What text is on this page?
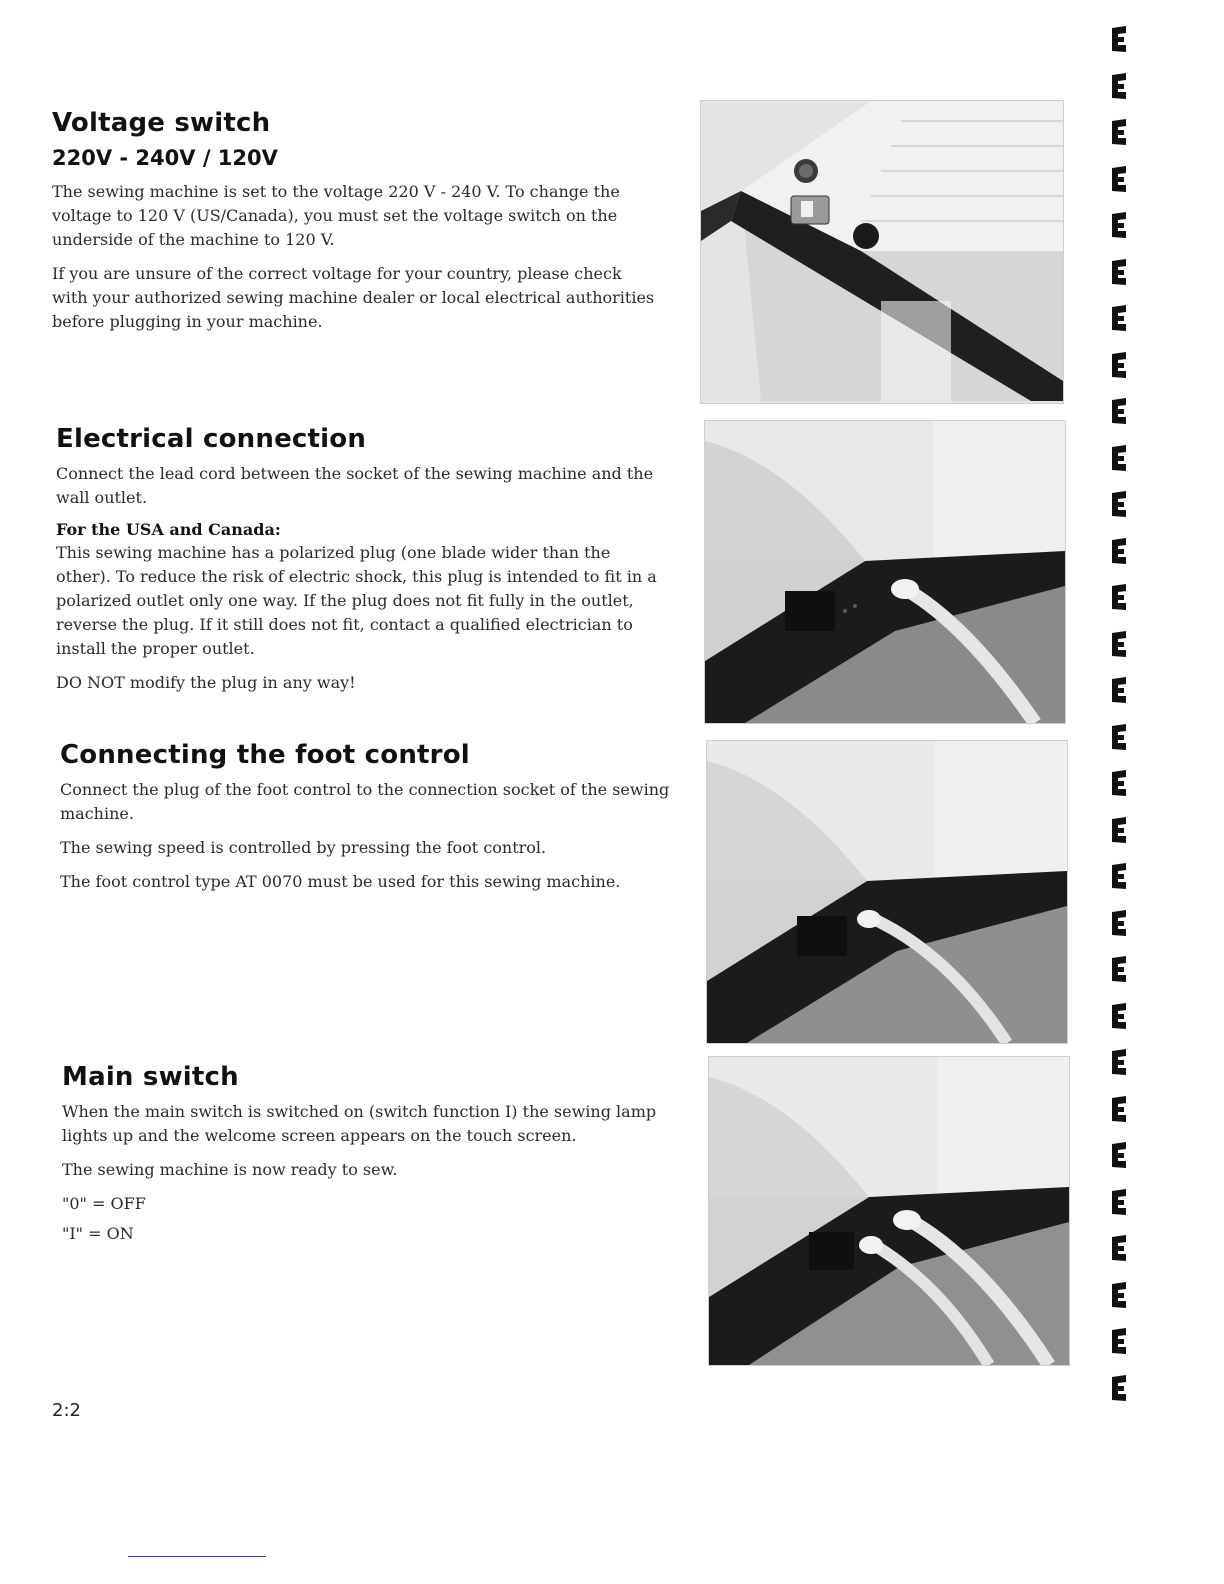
Voltage switch
220V - 240V / 120V

The sewing machine is set to the voltage 220 V - 240 V. To change the voltage to 120 V (US/Canada), you must set the voltage switch on the underside of the machine to 120 V.

If you are unsure of the correct voltage for your country, please check with your authorized sewing machine dealer or local electrical authorities before plugging in your machine.

Electrical connection

Connect the lead cord between the socket of the sewing machine and the wall outlet.

For the USA and Canada:

This sewing machine has a polarized plug (one blade wider than the other). To reduce the risk of electric shock, this plug is intended to fit in a polarized outlet only one way. If the plug does not fit fully in the outlet, reverse the plug. If it still does not fit, contact a qualified electrician to install the proper outlet.

DO NOT modify the plug in any way!

Connecting the foot control

Connect the plug of the foot control to the connection socket of the sewing machine.

The sewing speed is controlled by pressing the foot control.

The foot control type AT 0070 must be used for this sewing machine.

Main switch

When the main switch is switched on (switch function I) the sewing lamp lights up and the welcome screen appears on the touch screen.

The sewing machine is now ready to sew.

"0" = OFF

"I" = ON

2:2
